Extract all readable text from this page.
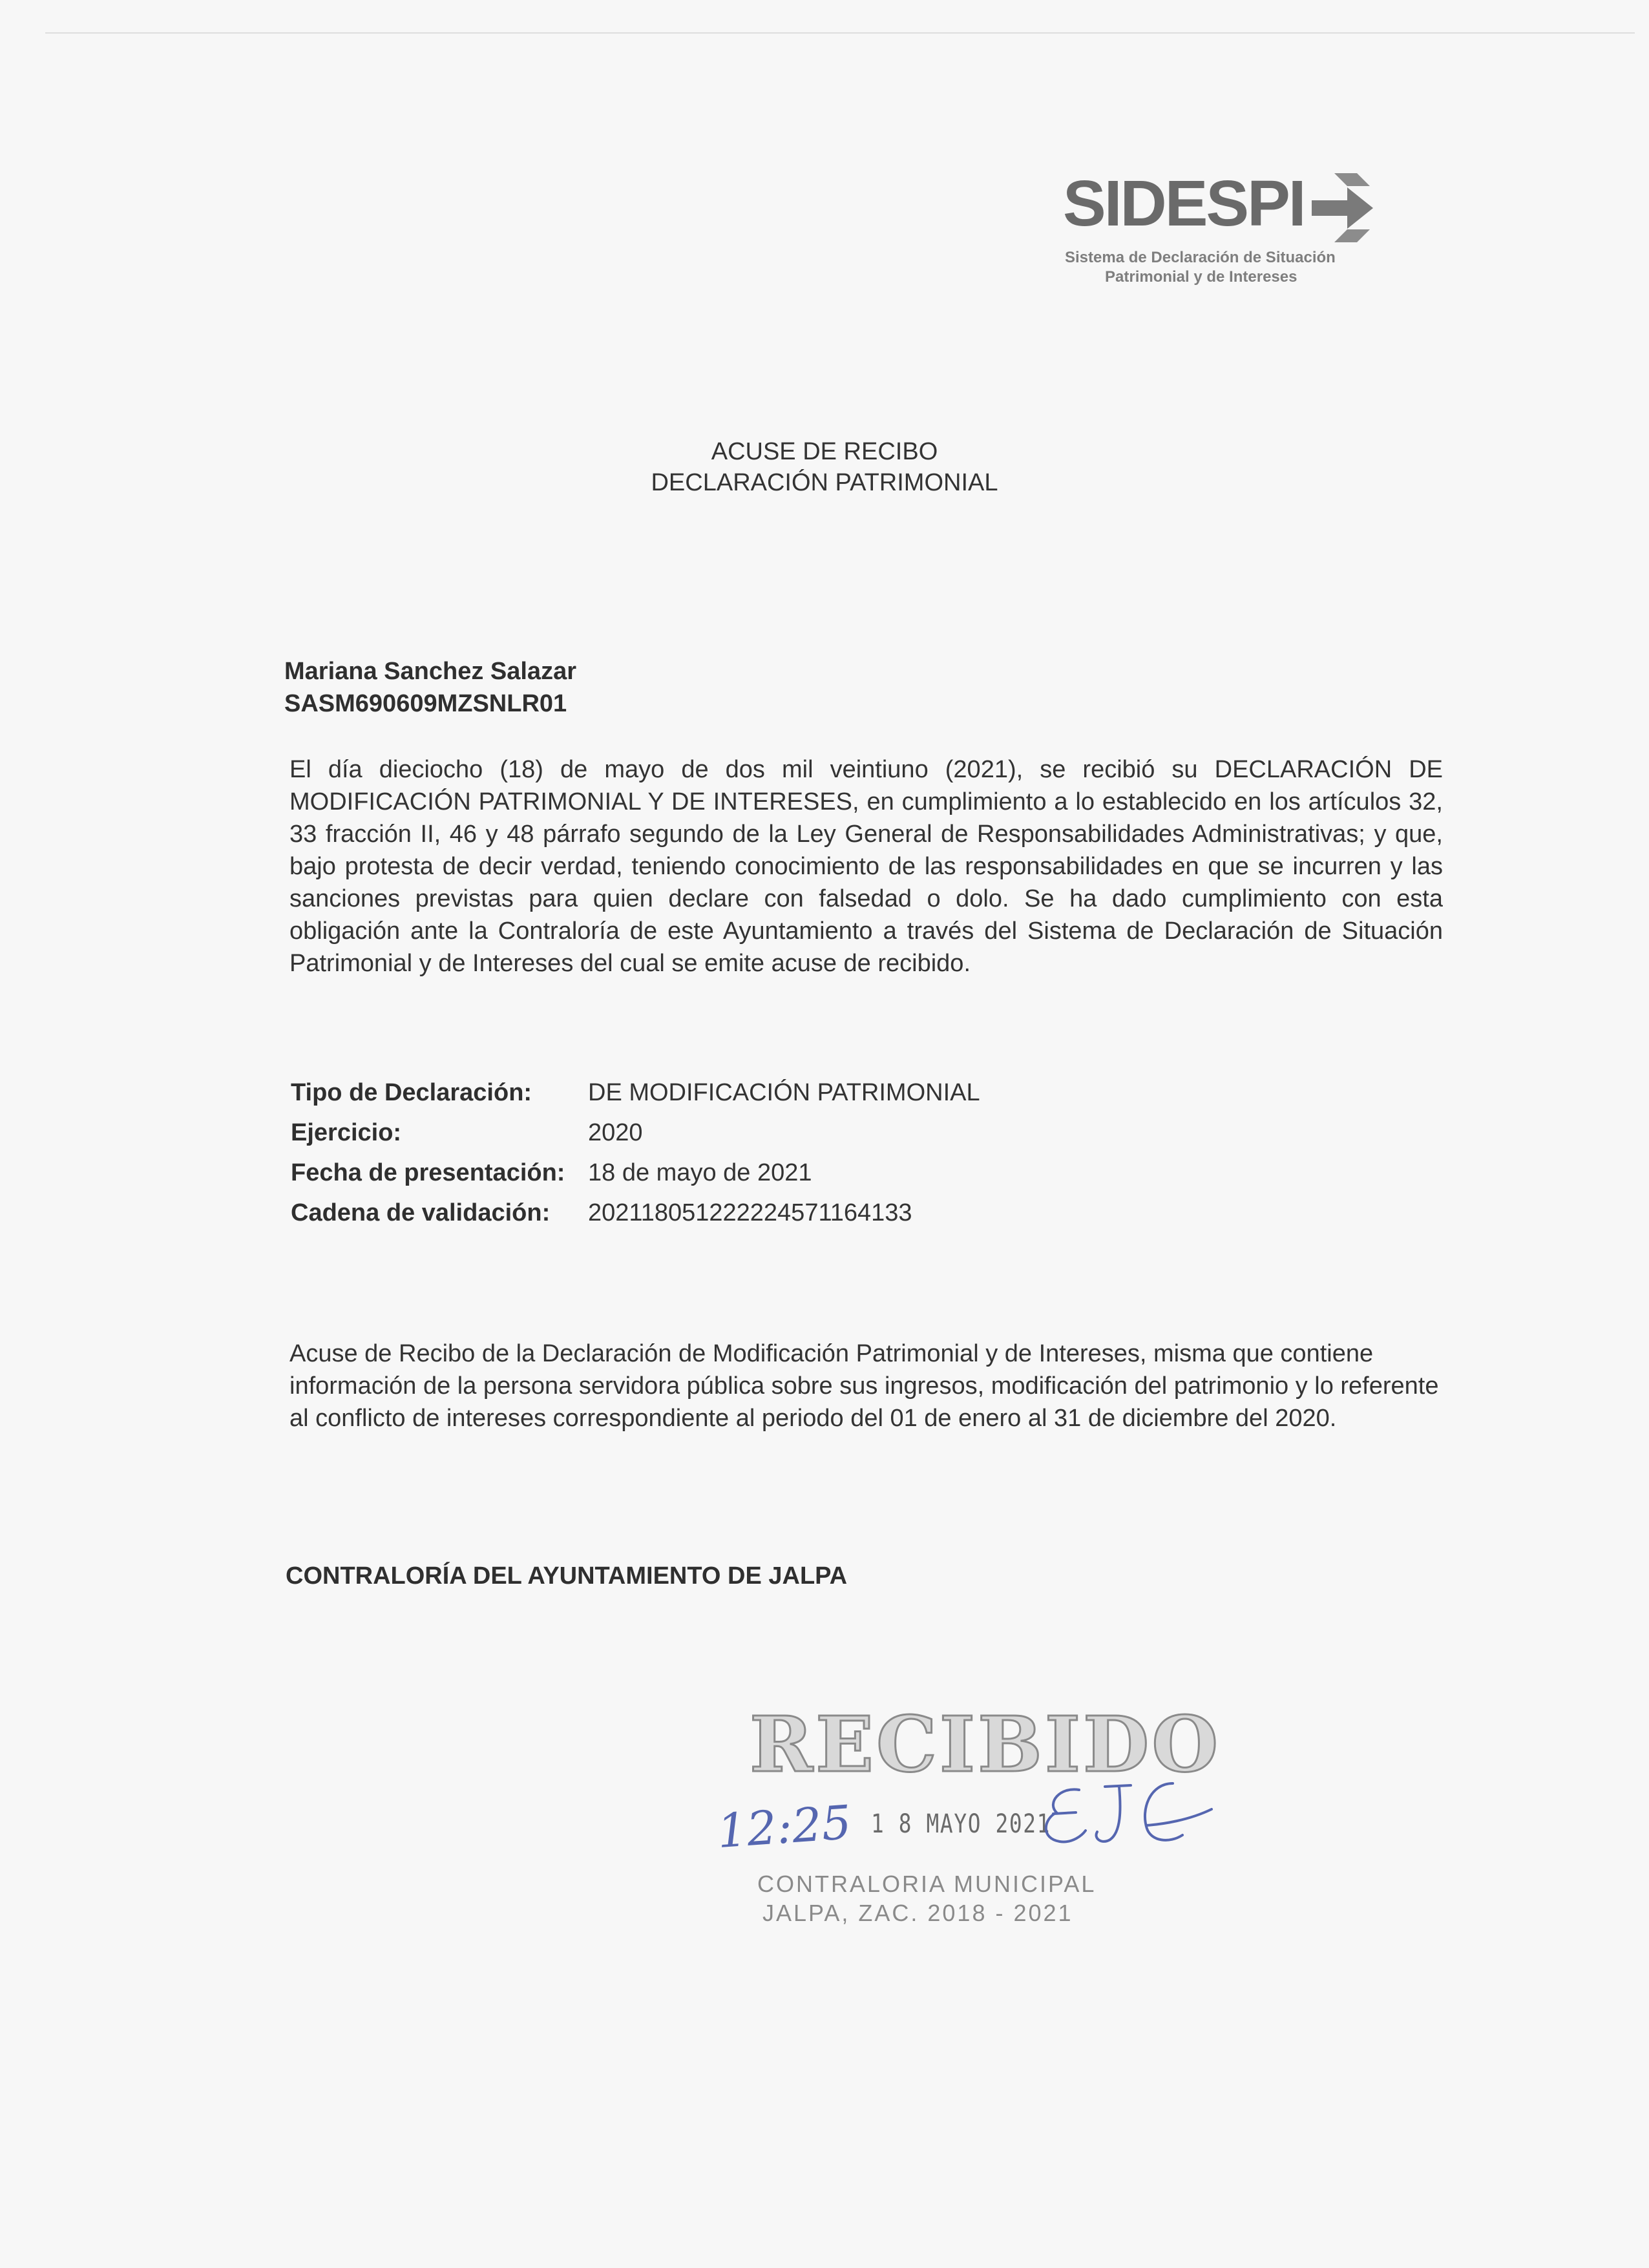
SIDESPI
Sistema de Declaración de Situación
Patrimonial y de Intereses
ACUSE DE RECIBO
DECLARACIÓN PATRIMONIAL
Mariana Sanchez Salazar
SASM690609MZSNLR01

El día dieciocho (18) de mayo de dos mil veintiuno (2021), se recibió su DECLARACIÓN DE MODIFICACIÓN PATRIMONIAL Y DE INTERESES, en cumplimiento a lo establecido en los artículos 32, 33 fracción II, 46 y 48 párrafo segundo de la Ley General de Responsabilidades Administrativas; y que, bajo protesta de decir verdad, teniendo conocimiento de las responsabilidades en que se incurren y las sanciones previstas para quien declare con falsedad o dolo. Se ha dado cumplimiento con esta obligación ante la Contraloría de este Ayuntamiento a través del Sistema de Declaración de Situación Patrimonial y de Intereses del cual se emite acuse de recibido.

Tipo de Declaración: DE MODIFICACIÓN PATRIMONIAL
Ejercicio:	2020
Fecha de presentación: 18 de mayo de 2021
Cadena de validación: 20211805122222457116413​3

Acuse de Recibo de la Declaración de Modificación Patrimonial y de Intereses, misma que contiene información de la persona servidora pública sobre sus ingresos, modificación del patrimonio y lo referente al conflicto de intereses correspondiente al periodo del 01 de enero al 31 de diciembre del 2020.

CONTRALORÍA DEL AYUNTAMIENTO DE JALPA
RECIBIDO
12:25 1 8 MAYO 2021
CONTRALORIA MUNICIPAL
JALPA, ZAC. 2018 - 2021
